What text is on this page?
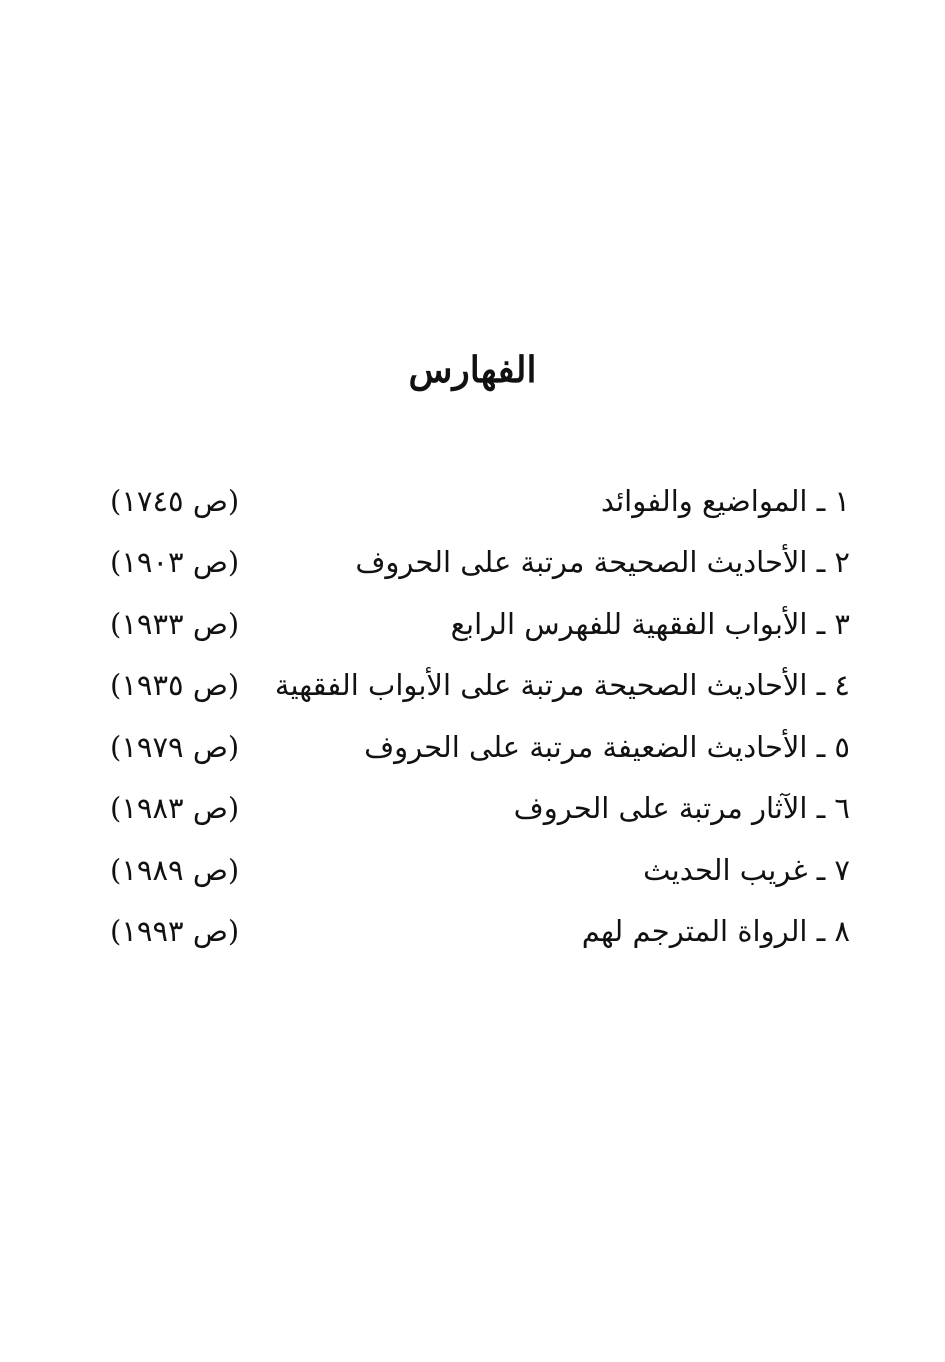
الفهارس
١ ـ المواضيع والفوائد
(ص ١٧٤٥)
٢ ـ الأحاديث الصحيحة مرتبة على الحروف
(ص ١٩٠٣)
٣ ـ الأبواب الفقهية للفهرس الرابع
(ص ١٩٣٣)
٤ ـ الأحاديث الصحيحة مرتبة على الأبواب الفقهية
(ص ١٩٣٥)
٥ ـ الأحاديث الضعيفة مرتبة على الحروف
(ص ١٩٧٩)
٦ ـ الآثار مرتبة على الحروف
(ص ١٩٨٣)
٧ ـ غريب الحديث
(ص ١٩٨٩)
٨ ـ الرواة المترجم لهم
(ص ١٩٩٣)
